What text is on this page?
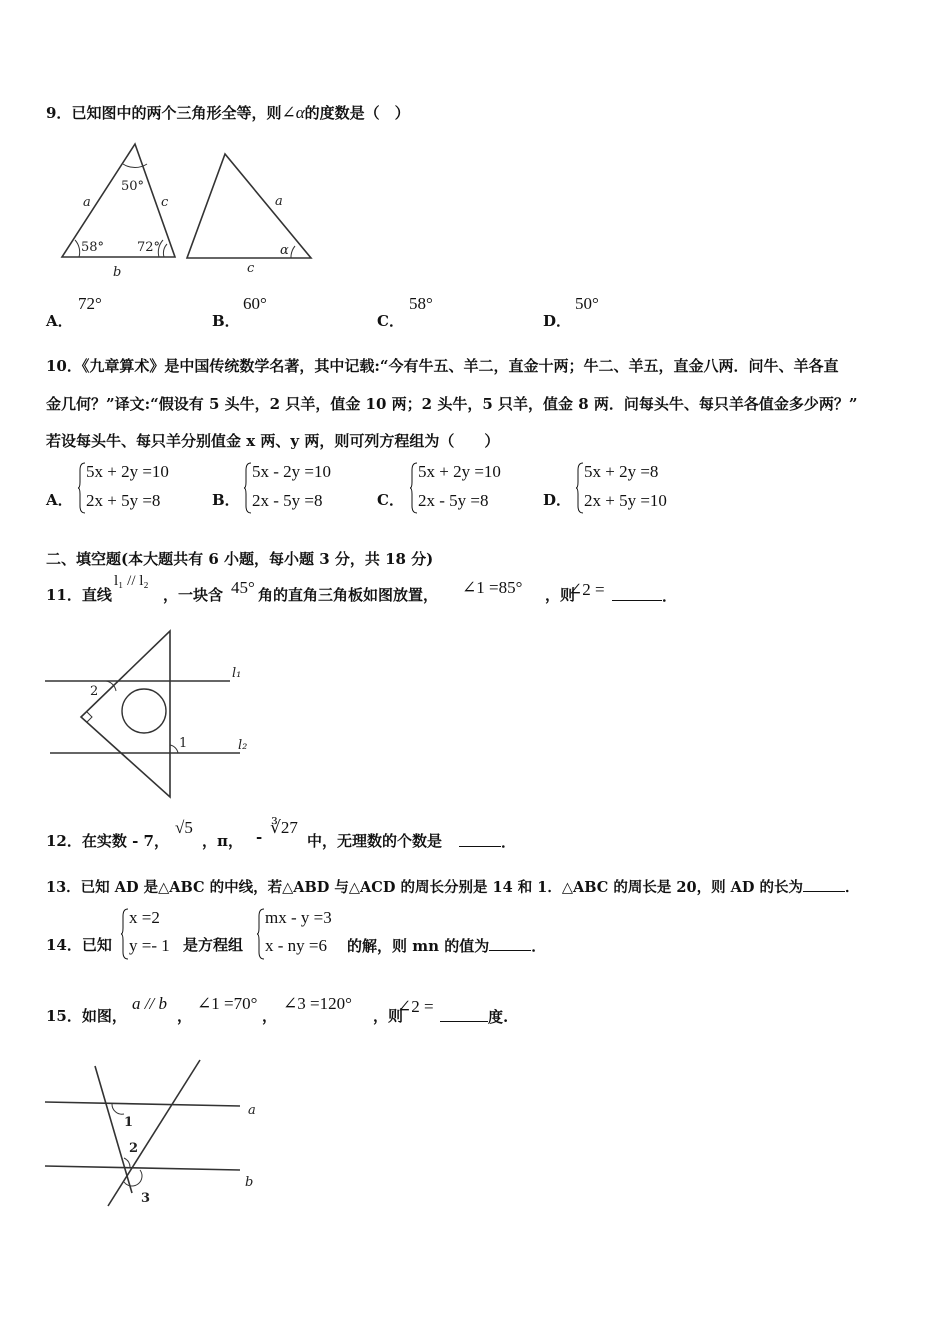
9．已知图中的两个三角形全等，则∠α的度数是（　）
50°
58°	72°
a	c
b
a
c
α
A．
72°
B．
60°
C．
58°
D．
50°
10．《九章算术》是中国传统数学名著，其中记载:“今有牛五、羊二，直金十两；牛二、羊五，直金八两．问牛、羊各直
金几何？”译文:“假设有 5 头牛，2 只羊，值金 10 两；2 头牛，5 只羊，值金 8 两．问每头牛、每只羊各值金多少两？”
若设每头牛、每只羊分别值金 x 两、y 两，则可列方程组为（　　）
A．
5x + 2y =10
2x + 5y =8	B．
5x - 2y =10
2x - 5y =8	C．
5x + 2y =10
2x - 5y =8	D．
5x + 2y =8
2x + 5y =10
二、填空题(本大题共有 6 小题，每小题 3 分，共 18 分)
11．直线
l₁ // l₂
，一块含 45° 角的直角三角板如图放置， ∠1 =85° ，则
∠2 =	．
2
1
l₁
l₂
12．在实数 - 7，
√5
，π， - ∛27
中，无理数的个数是	．
13．已知 AD 是△ABC 的中线，若△ABD 与△ACD 的周长分别是 14 和 1．△ABC 的周长是 20，则 AD 的长为	．
14．已知
x =2
y =- 1 是方程组
mx - y =3
x - ny =6 的解，则 mn 的值为	．
15．如图，
a // b
，
∠1 =70°
，
∠3 =120°
，则
∠2 =
度.
1
2
3
a
b
